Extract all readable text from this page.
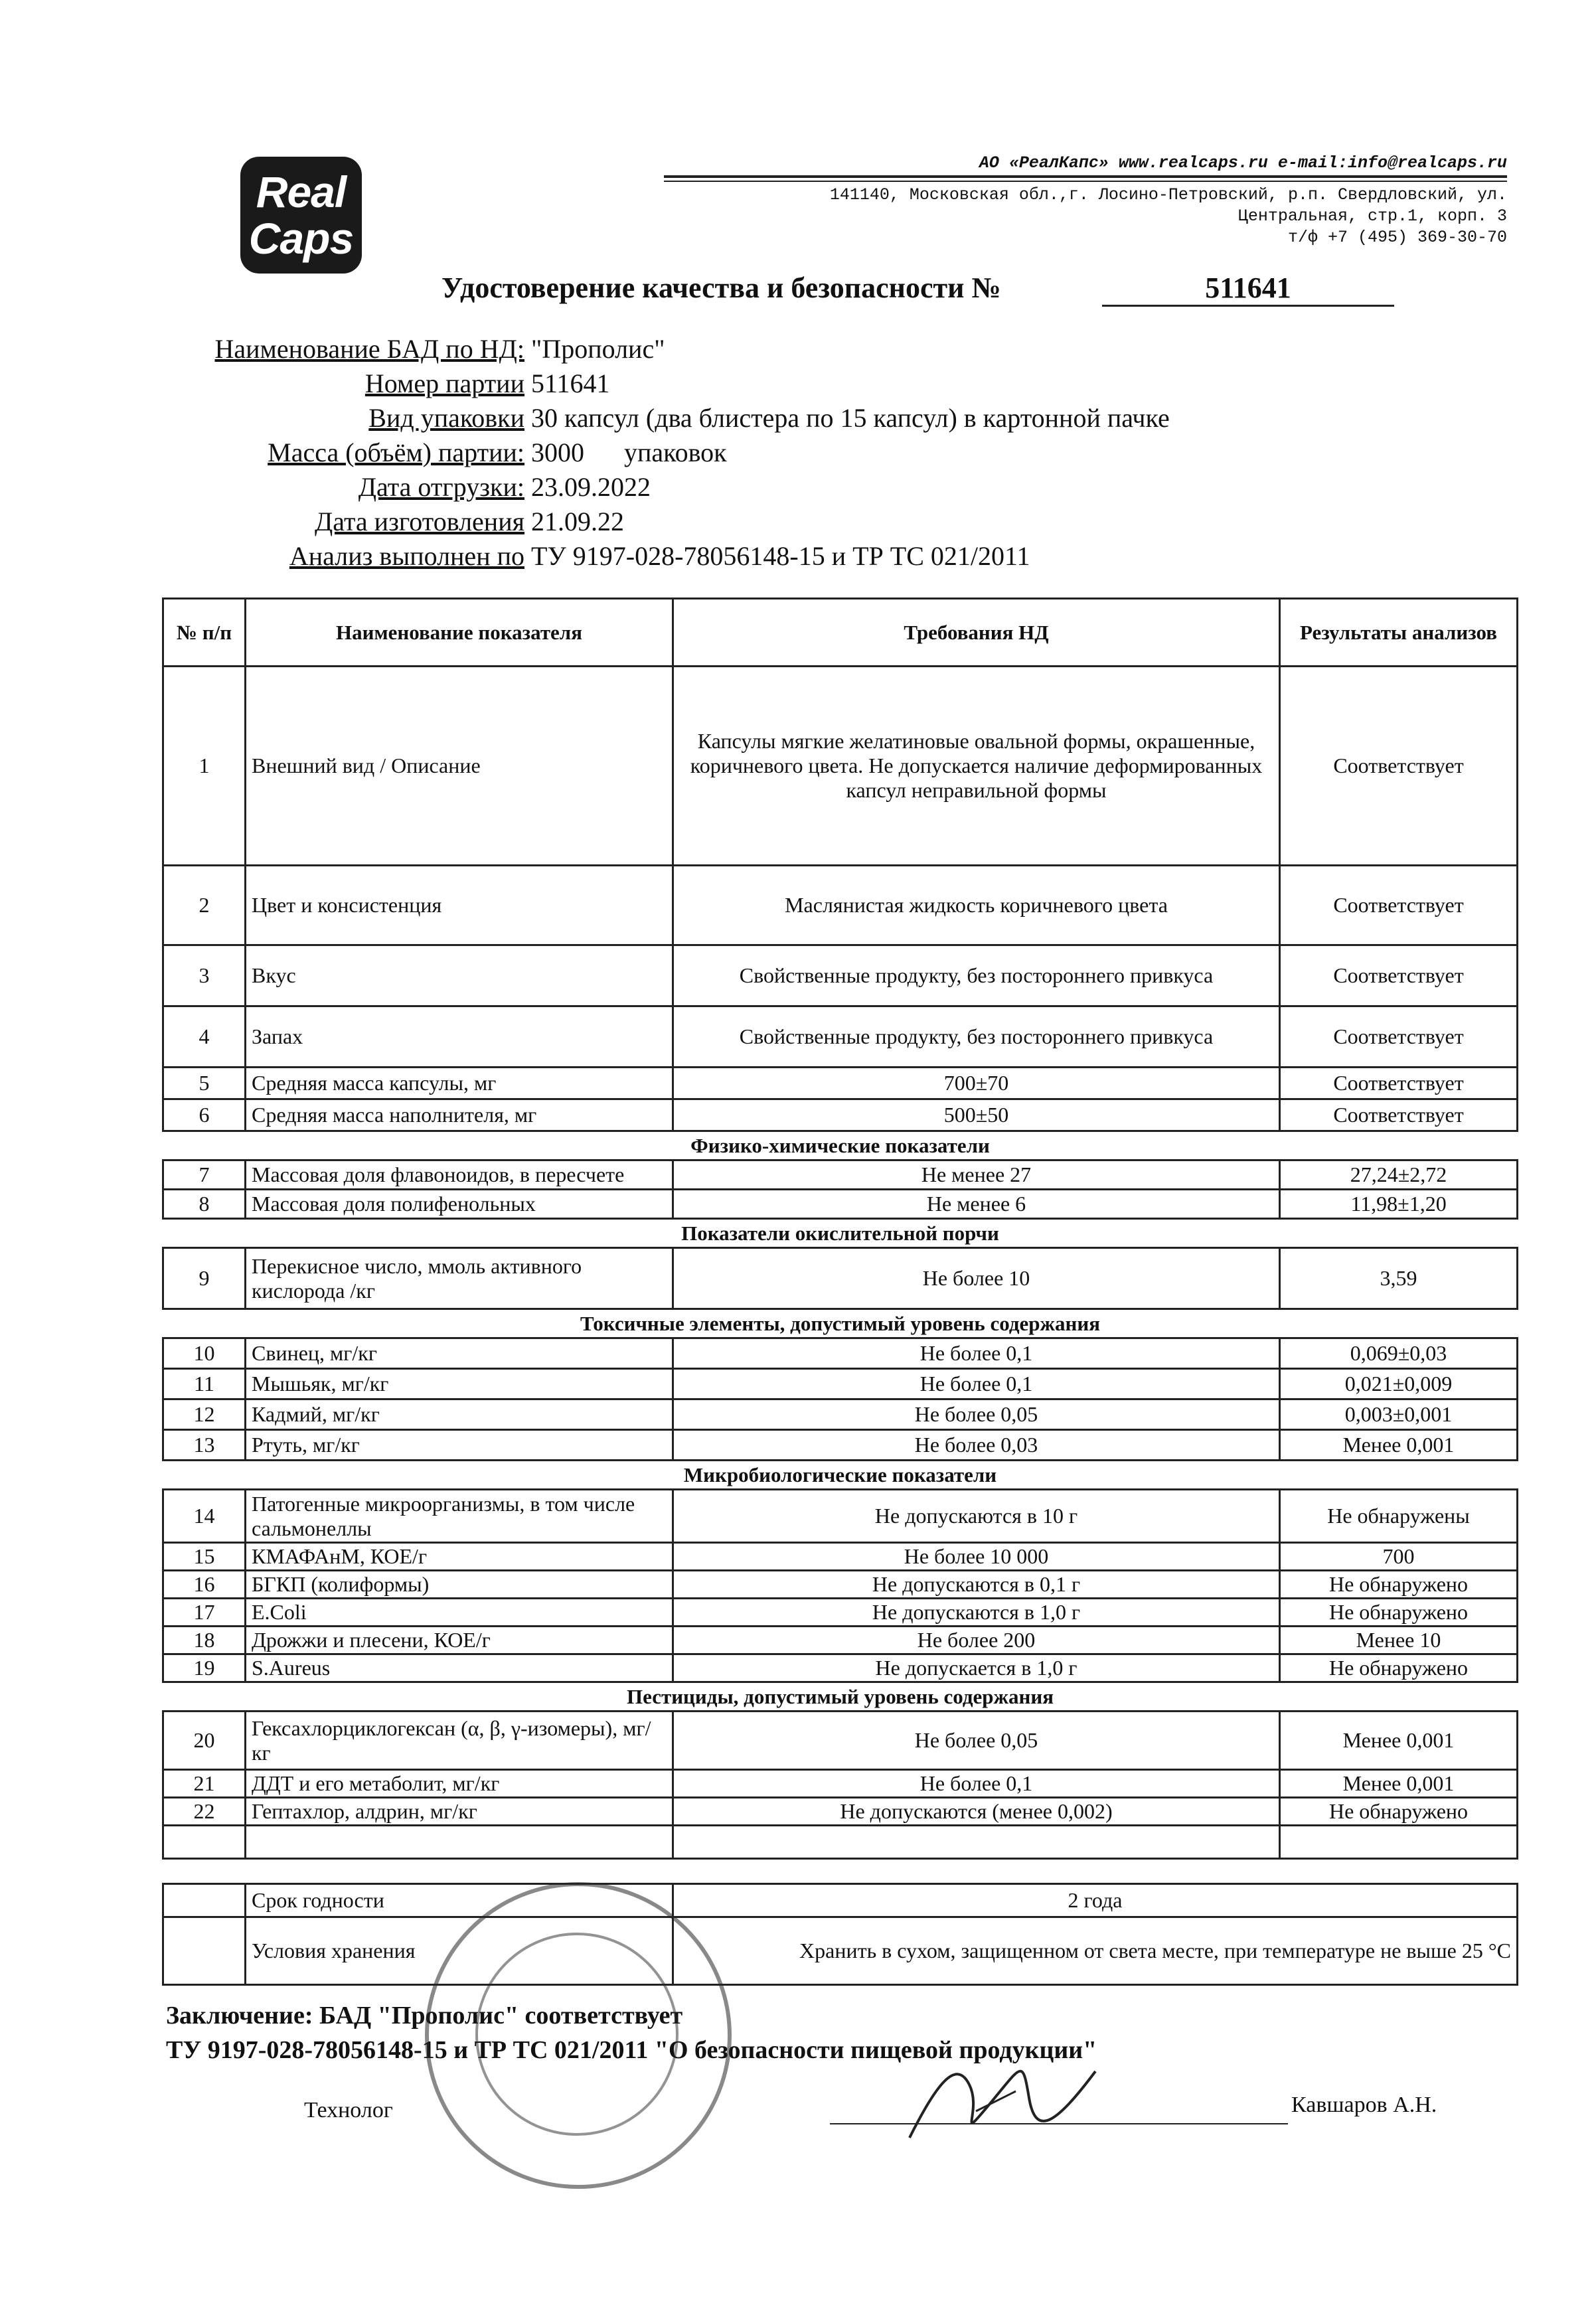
Real
Caps
АО «РеалКапс» www.realcaps.ru e-mail:info@realcaps.ru
141140, Московская обл.,г. Лосино-Петровский, р.п. Свердловский, ул.
Центральная, стр.1, корп. 3
т/ф +7 (495) 369-30-70
Удостоверение качества и безопасности №	511641
Наименование БАД по НД: "Прополис"
Номер партии 511641
Вид упаковки 30 капсул (два блистера по 15 капсул) в картонной пачке
Масса (объём) партии: 3000      упаковок
Дата отгрузки: 23.09.2022
Дата изготовления 21.09.22
Анализ выполнен по ТУ 9197-028-78056148-15 и ТР ТС 021/2011
№ п/п	Наименование показателя	Требования НД	Результаты анализов
1	Внешний вид / Описание	Капсулы мягкие желатиновые овальной формы, окрашенные, коричневого цвета. Не допускается наличие деформированных капсул неправильной формы	Соответствует
2	Цвет и консистенция	Маслянистая жидкость коричневого цвета	Соответствует
3	Вкус	Свойственные продукту, без постороннего привкуса	Соответствует
4	Запах	Свойственные продукту, без постороннего привкуса	Соответствует
5	Средняя масса капсулы, мг	700±70	Соответствует
6	Средняя масса наполнителя, мг	500±50	Соответствует
Физико-химические показатели			
7	Массовая доля флавоноидов, в пересчете	Не менее 27	27,24±2,72
8	Массовая доля полифенольных	Не менее 6	11,98±1,20
Показатели окислительной порчи			
9	Перекисное число, ммоль активного кислорода /кг	Не более 10	3,59
Токсичные элементы, допустимый уровень содержания			
10	Свинец, мг/кг	Не более 0,1	0,069±0,03
11	Мышьяк, мг/кг	Не более 0,1	0,021±0,009
12	Кадмий, мг/кг	Не более 0,05	0,003±0,001
13	Ртуть, мг/кг	Не более 0,03	Менее 0,001
Микробиологические показатели			
14	Патогенные микроорганизмы, в том числе сальмонеллы	Не допускаются в 10 г	Не обнаружены
15	КМАФАнМ, КОЕ/г	Не более 10 000	700
16	БГКП (колиформы)	Не допускаются в 0,1 г	Не обнаружено
17	E.Coli	Не допускаются в 1,0 г	Не обнаружено
18	Дрожжи и плесени, КОЕ/г	Не более 200	Менее 10
19	S.Aureus	Не допускается в 1,0 г	Не обнаружено
Пестициды, допустимый уровень содержания			
20	Гексахлорциклогексан (α, β, γ-изомеры), мг/кг	Не более 0,05	Менее 0,001
21	ДДТ и его метаболит, мг/кг	Не более 0,1	Менее 0,001
22	Гептахлор, алдрин, мг/кг	Не допускаются (менее 0,002)	Не обнаружено

	Срок годности	2 года
	Условия хранения	Хранить в сухом, защищенном от света месте, при температуре не выше 25 °С
Заключение: БАД "Прополис" соответствует
ТУ 9197-028-78056148-15 и ТР ТС 021/2011 "О безопасности пищевой продукции"
Технолог	Кавшаров А.Н.
